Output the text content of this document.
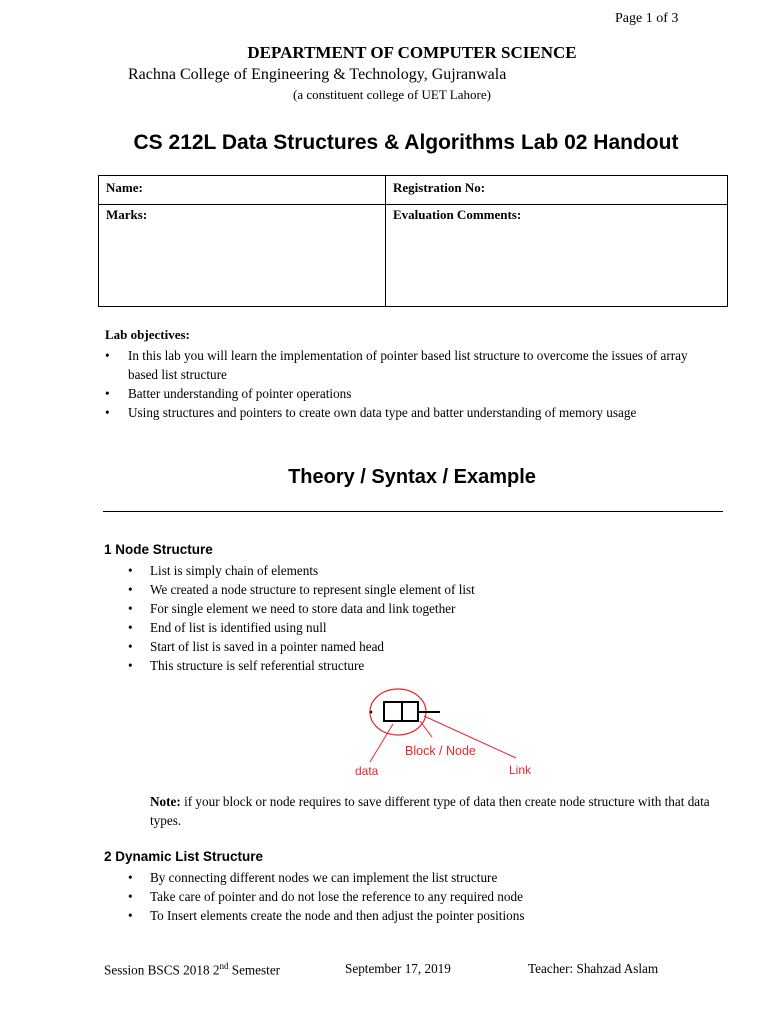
Page 1 of 3
DEPARTMENT OF COMPUTER SCIENCE
Rachna College of Engineering & Technology, Gujranwala
(a constituent college of UET Lahore)
CS 212L Data Structures & Algorithms Lab 02 Handout
Name:	Registration No:
Marks:	Evaluation Comments:
Lab objectives:
• In this lab you will learn the implementation of pointer based list structure to overcome the issues of array based list structure
• Batter understanding of pointer operations
• Using structures and pointers to create own data type and batter understanding of memory usage
Theory / Syntax / Example
1 Node Structure
• List is simply chain of elements
• We created a node structure to represent single element of list
• For single element we need to store data and link together
• End of list is identified using null
• Start of list is saved in a pointer named head
• This structure is self referential structure
Block / Node
data	Link
Note: if your block or node requires to save different type of data then create node structure with that data types.
2 Dynamic List Structure
• By connecting different nodes we can implement the list structure
• Take care of pointer and do not lose the reference to any required node
• To Insert elements create the node and then adjust the pointer positions
Session BSCS 2018 2nd Semester	September 17, 2019	Teacher: Shahzad Aslam
